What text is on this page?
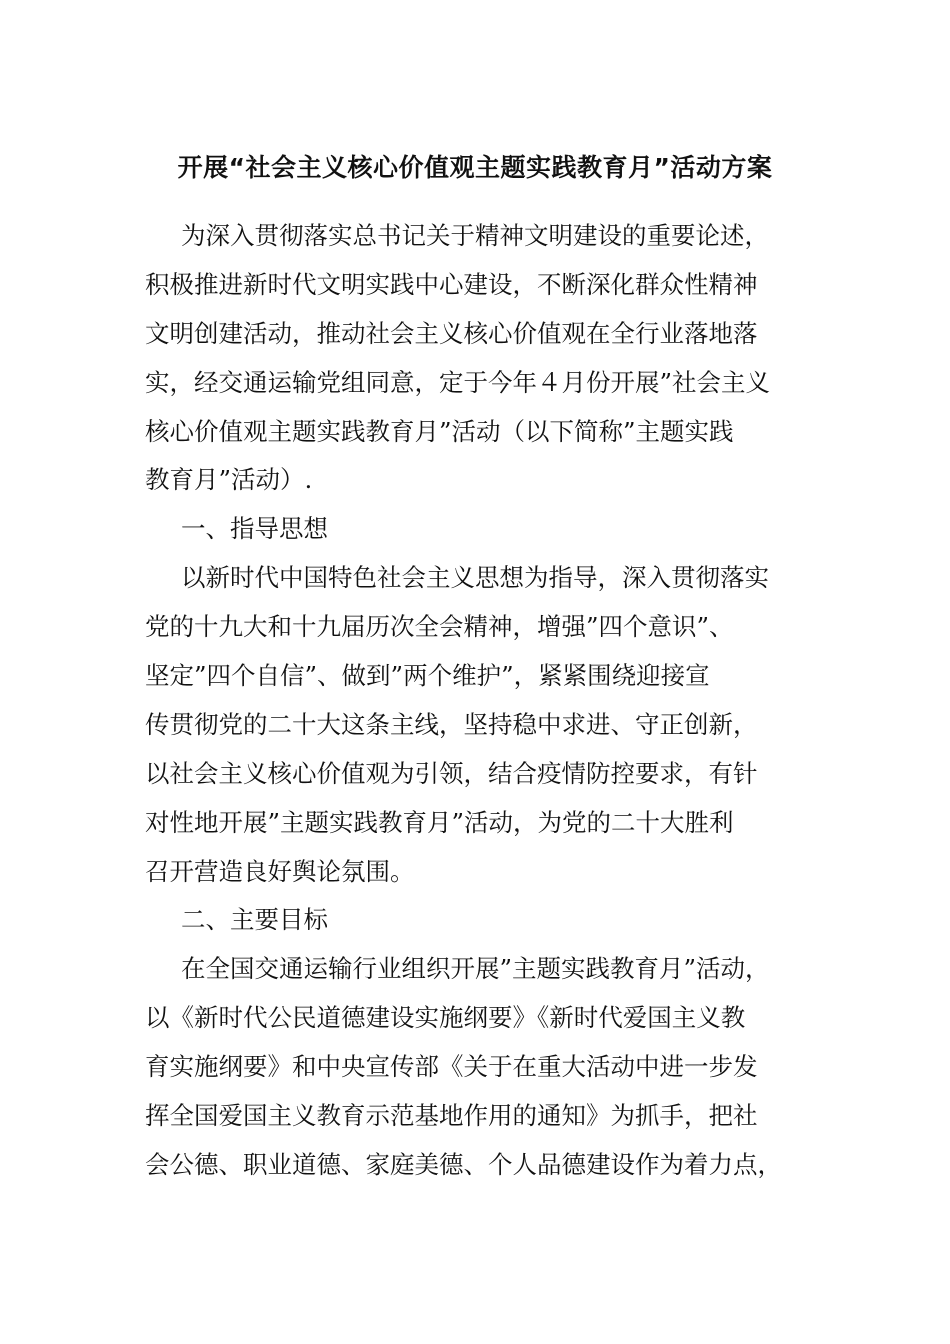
开展“社会主义核心价值观主题实践教育月”活动方案
为深入贯彻落实总书记关于精神文明建设的重要论述，
积极推进新时代文明实践中心建设，不断深化群众性精神
文明创建活动，推动社会主义核心价值观在全行业落地落
实，经交通运输党组同意，定于今年４月份开展”社会主义
核心价值观主题实践教育月”活动（以下简称”主题实践
教育月”活动）.
一、指导思想
以新时代中国特色社会主义思想为指导，深入贯彻落实
党的十九大和十九届历次全会精神，增强”四个意识”、
坚定”四个自信”、做到”两个维护”，紧紧围绕迎接宣
传贯彻党的二十大这条主线，坚持稳中求进、守正创新，
以社会主义核心价值观为引领，结合疫情防控要求，有针
对性地开展”主题实践教育月”活动，为党的二十大胜利
召开营造良好舆论氛围。
二、主要目标
在全国交通运输行业组织开展”主题实践教育月”活动，
以《新时代公民道德建设实施纲要》《新时代爱国主义教
育实施纲要》和中央宣传部《关于在重大活动中进一步发
挥全国爱国主义教育示范基地作用的通知》为抓手，把社
会公德、职业道德、家庭美德、个人品德建设作为着力点，
